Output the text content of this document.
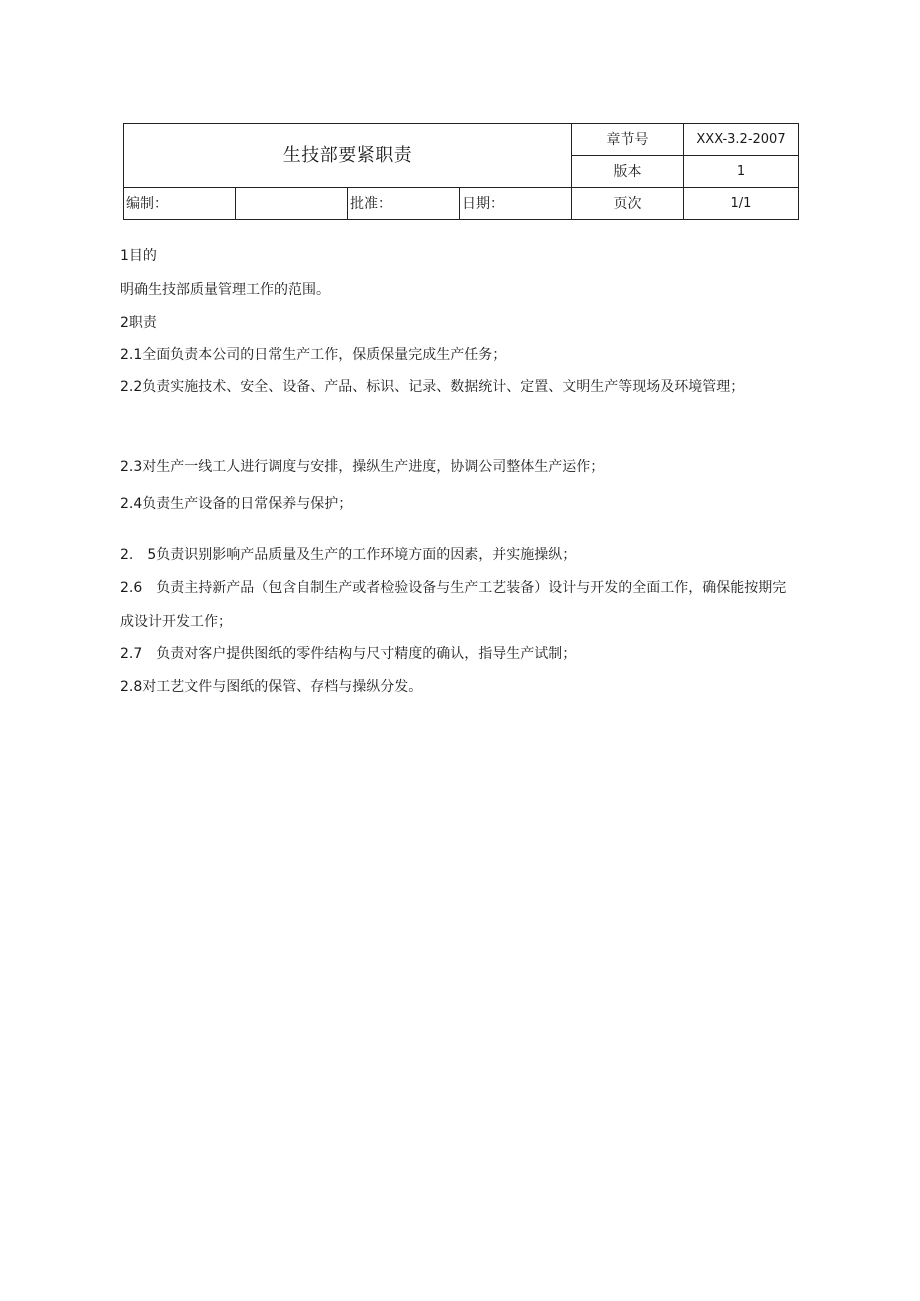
生技部要紧职责				章节号	XXX-3.2-2007
				版本	1
编制：		批准：	日期：	页次	1/1
1目的
明确生技部质量管理工作的范围。
2职责
2.1全面负责本公司的日常生产工作，保质保量完成生产任务；
2.2负责实施技术、安全、设备、产品、标识、记录、数据统计、定置、文明生产等现场及环境管理；
2.3对生产一线工人进行调度与安排，操纵生产进度，协调公司整体生产运作；
2.4负责生产设备的日常保养与保护；
2.　5负责识别影响产品质量及生产的工作环境方面的因素，并实施操纵；
2.6　负责主持新产品（包含自制生产或者检验设备与生产工艺装备）设计与开发的全面工作，确保能按期完成设计开发工作；
2.7　负责对客户提供图纸的零件结构与尺寸精度的确认，指导生产试制；
2.8对工艺文件与图纸的保管、存档与操纵分发。
